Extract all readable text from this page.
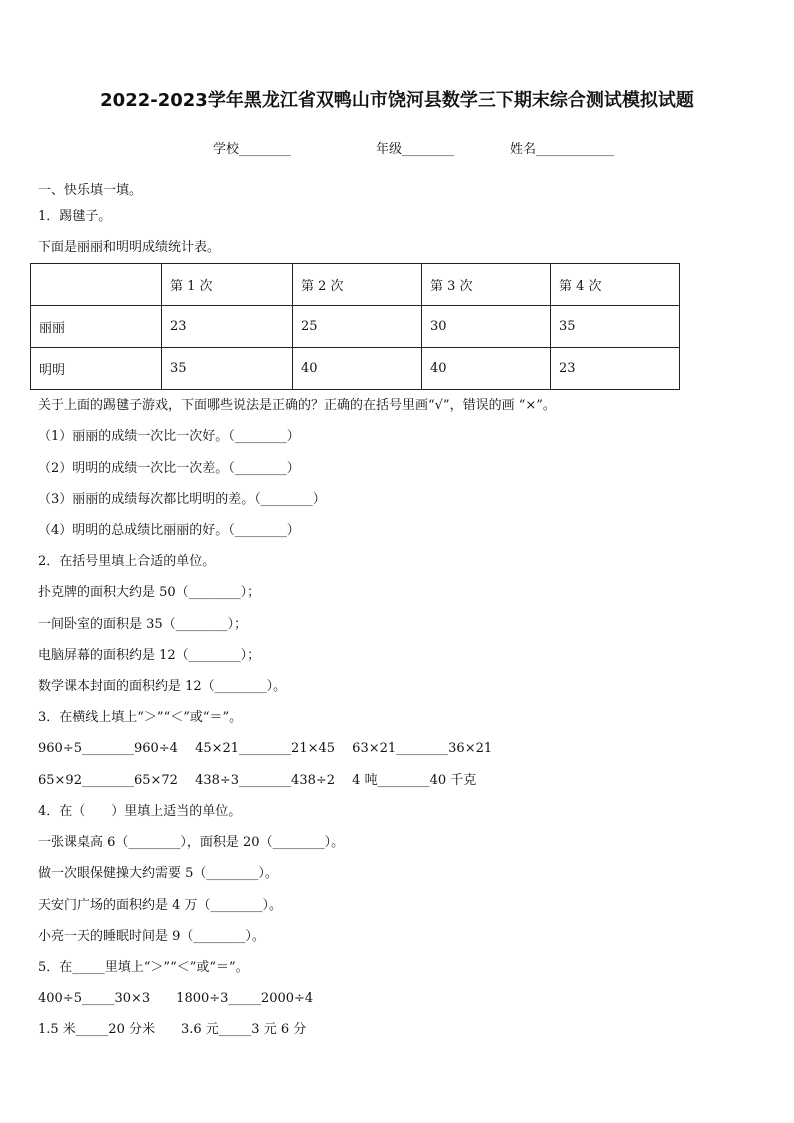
2022-2023学年黑龙江省双鸭山市饶河县数学三下期末综合测试模拟试题
学校________	年级________	姓名____________
一、快乐填一填。
1．踢毽子。
下面是丽丽和明明成绩统计表。
	第 1 次	第 2 次	第 3 次	第 4 次
丽丽	23	25	30	35
明明	35	40	40	23
关于上面的踢毽子游戏，下面哪些说法是正确的？正确的在括号里画“√”，错误的画 “×”。
（1）丽丽的成绩一次比一次好。（________）
（2）明明的成绩一次比一次差。（________）
（3）丽丽的成绩每次都比明明的差。（________）
（4）明明的总成绩比丽丽的好。（________）
2．在括号里填上合适的单位。
扑克牌的面积大约是 50（________）；
一间卧室的面积是 35（________）；
电脑屏幕的面积约是 12（________）；
数学课本封面的面积约是 12（________）。
3．在横线上填上“＞”“＜”或“＝”。
960÷5________960÷4　 45×21________21×45　 63×21________36×21
65×92________65×72　 438÷3________438÷2　 4 吨________40 千克
4．在（　　）里填上适当的单位。
一张课桌高 6（________），面积是 20（________）。
做一次眼保健操大约需要 5（________）。
天安门广场的面积约是 4 万（________）。
小亮一天的睡眠时间是 9（________）。
5．在_____里填上“＞”“＜”或“＝”。
400÷5_____30×3　　1800÷3_____2000÷4
1.5 米_____20 分米　　3.6 元_____3 元 6 分
